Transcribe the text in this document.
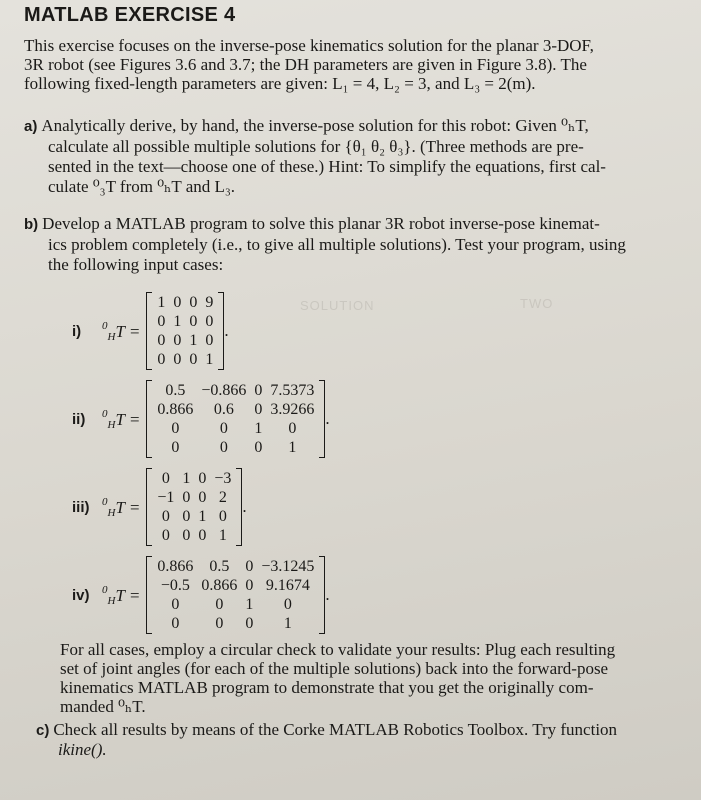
SOLUTION	TWO
MATLAB EXERCISE 4
This exercise focuses on the inverse-pose kinematics solution for the planar 3-DOF,
3R robot (see Figures 3.6 and 3.7; the DH parameters are given in Figure 3.8). The
following fixed-length parameters are given: L₁ = 4, L₂ = 3, and L₃ = 2(m).
a) Analytically derive, by hand, the inverse-pose solution for this robot: Given ⁰ₕT,
calculate all possible multiple solutions for {θ₁ θ₂ θ₃}. (Three methods are pre-
sented in the text—choose one of these.) Hint: To simplify the equations, first cal-
culate ⁰₃T from ⁰ₕT and L₃.
b) Develop a MATLAB program to solve this planar 3R robot inverse-pose kinemat-
ics problem completely (i.e., to give all multiple solutions). Test your program, using
the following input cases:
i)	$^0_H$T =
1	0	0	9
0	1	0	0
0	0	1	0
0	0	0	1
.
ii)	$^0_H$T =
0.5	−0.866	0	7.5373
0.866	0.6	0	3.9266
0	0	1	0
0	0	0	1
.
iii)	$^0_H$T =
0	1	0	−3
−1	0	0	2
0	0	1	0
0	0	0	1
.
iv)	$^0_H$T =
0.866	0.5	0	−3.1245
−0.5	0.866	0	9.1674
0	0	1	0
0	0	0	1
.
For all cases, employ a circular check to validate your results: Plug each resulting
set of joint angles (for each of the multiple solutions) back into the forward-pose
kinematics MATLAB program to demonstrate that you get the originally com-
manded ⁰ₕT.
c) Check all results by means of the Corke MATLAB Robotics Toolbox. Try function
ikine().
